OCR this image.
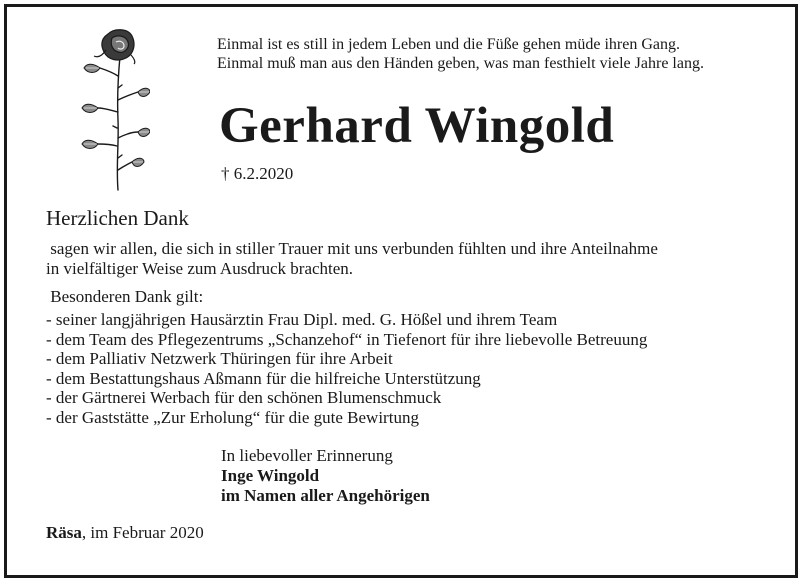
Einmal ist es still in jedem Leben und die Füße gehen müde ihren Gang.
Einmal muß man aus den Händen geben, was man festhielt viele Jahre lang.
Gerhard Wingold
† 6.2.2020
Herzlichen Dank
sagen wir allen, die sich in stiller Trauer mit uns verbunden fühlten und ihre Anteilnahme
in vielfältiger Weise zum Ausdruck brachten.
Besonderen Dank gilt:
- seiner langjährigen Hausärztin Frau Dipl. med. G. Hößel und ihrem Team
- dem Team des Pflegezentrums „Schanzehof“ in Tiefenort für ihre liebevolle Betreuung
- dem Palliativ Netzwerk Thüringen für ihre Arbeit
- dem Bestattungshaus Aßmann für die hilfreiche Unterstützung
- der Gärtnerei Werbach für den schönen Blumenschmuck
- der Gaststätte „Zur Erholung“ für die gute Bewirtung
In liebevoller Erinnerung
Inge Wingold
im Namen aller Angehörigen
Räsa, im Februar 2020
